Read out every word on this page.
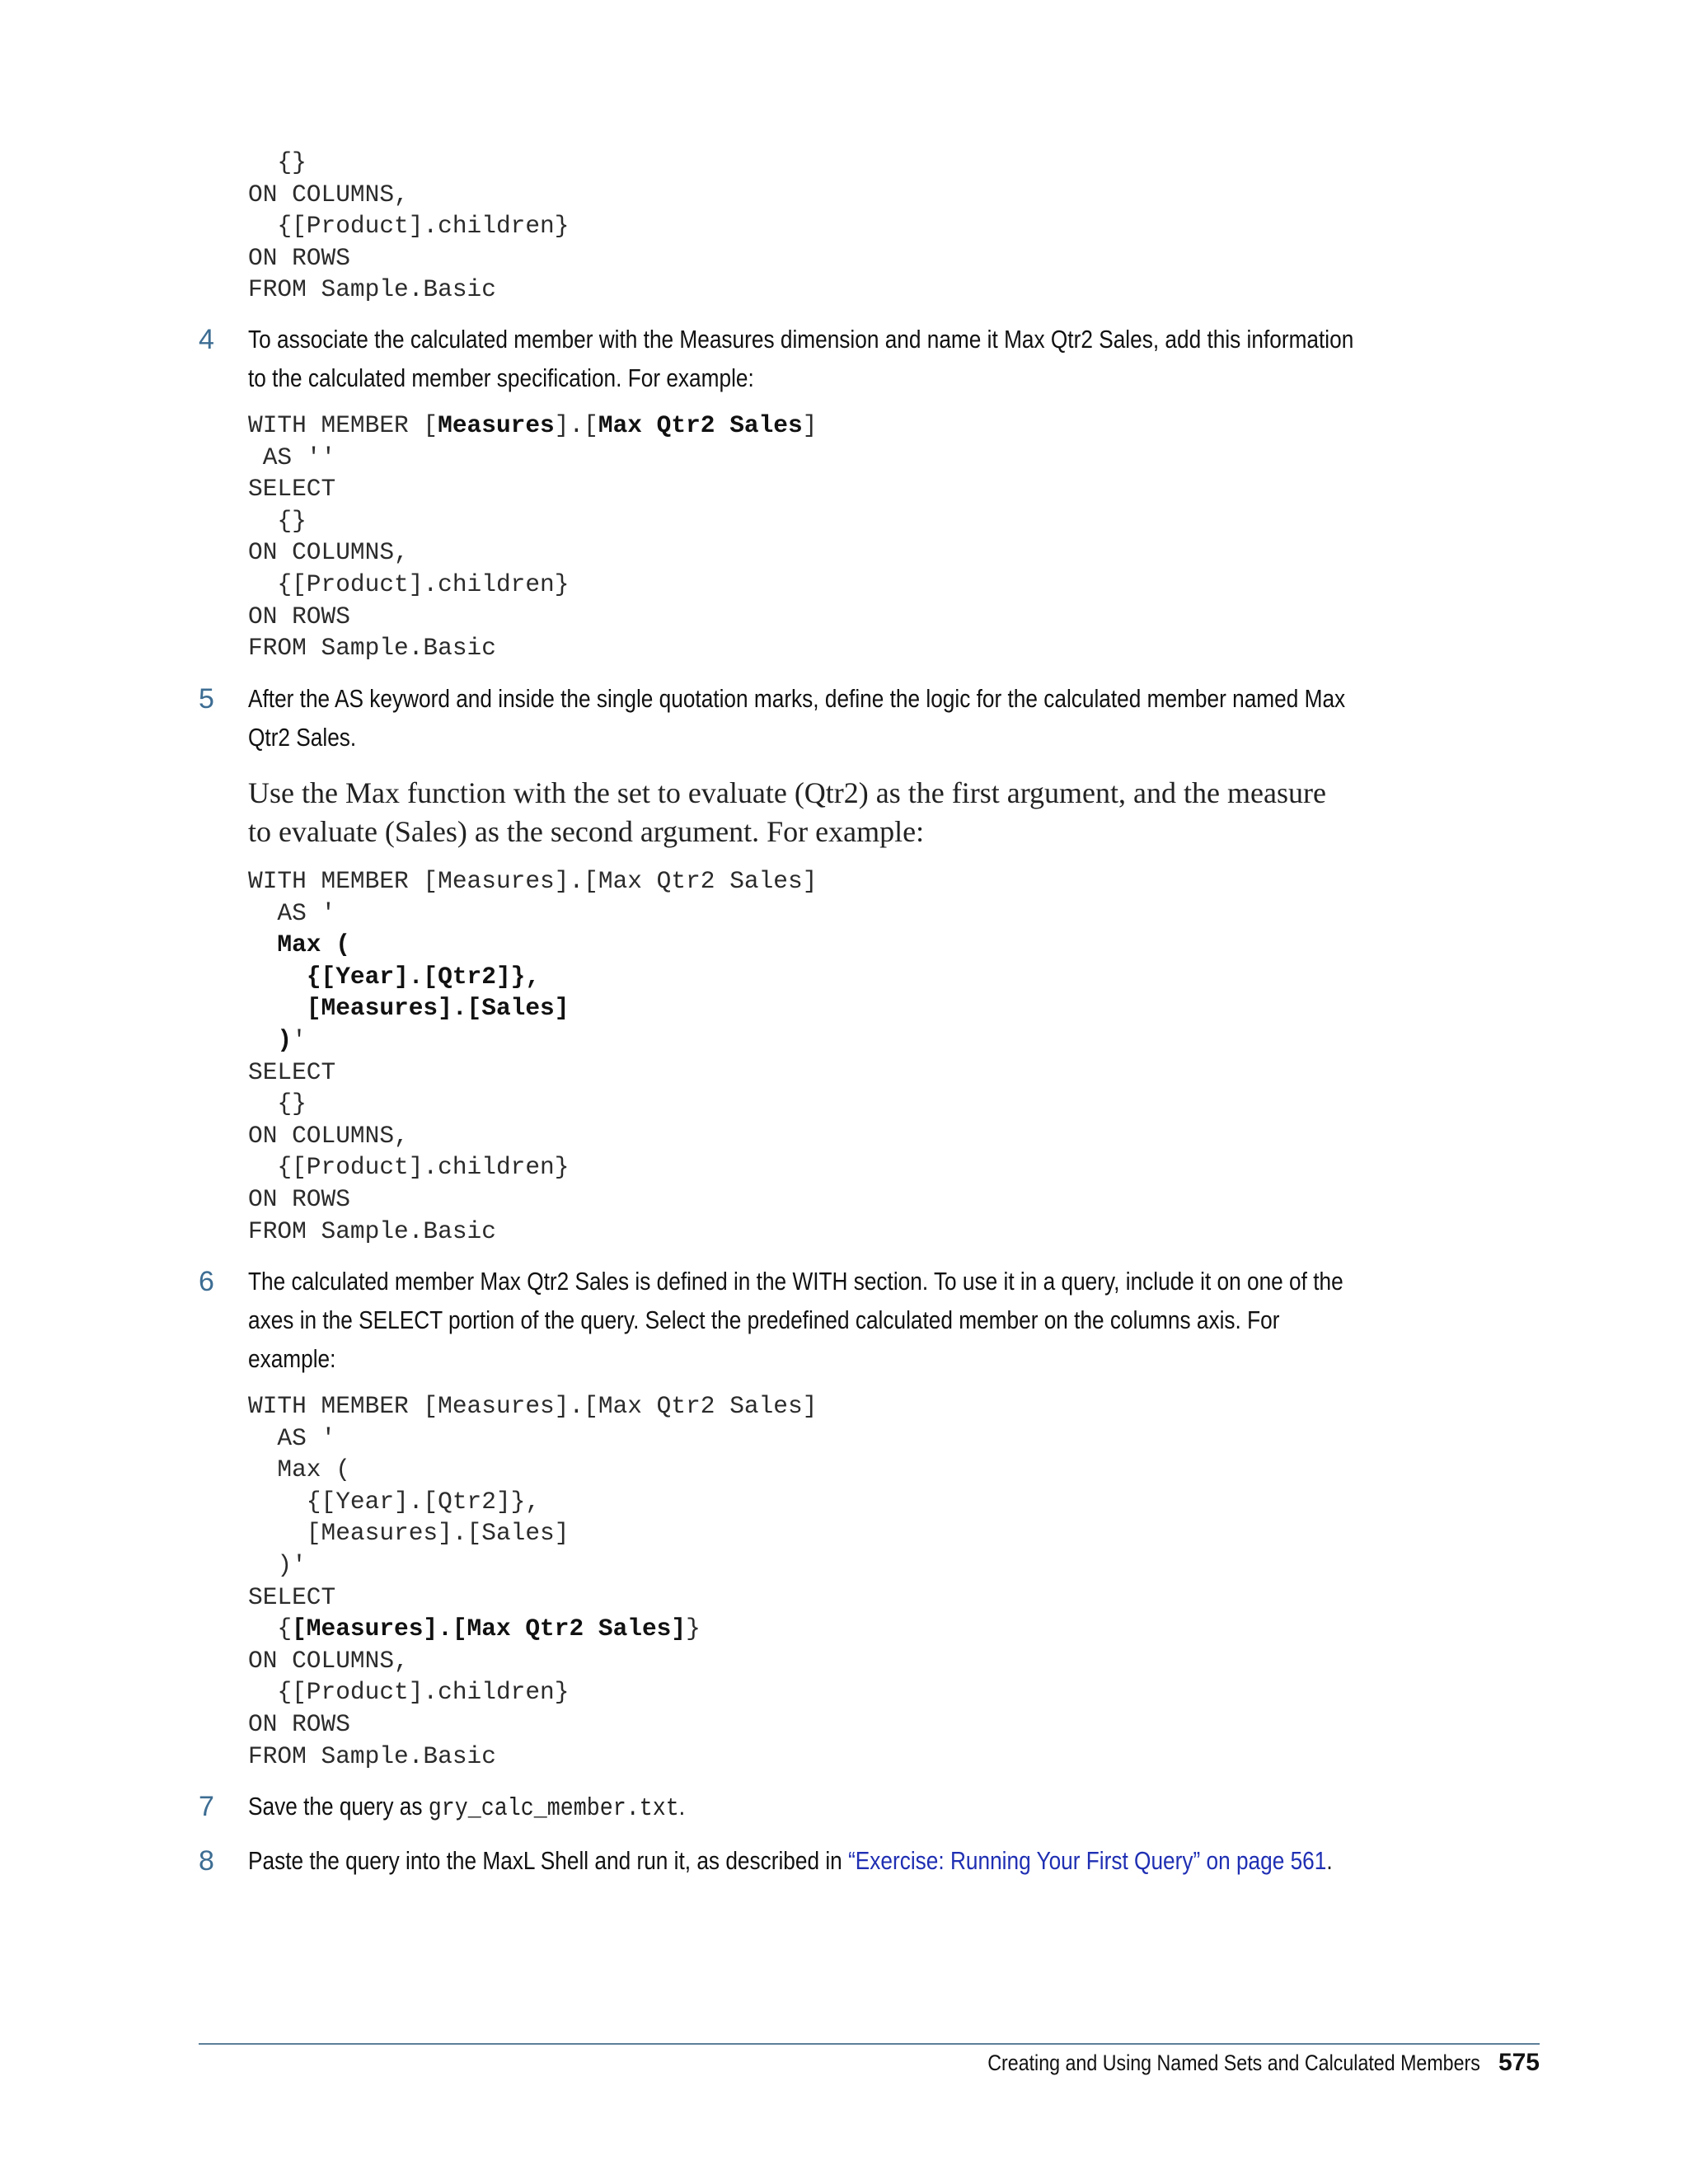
{}
ON COLUMNS,
{[Product].children}
ON ROWS
FROM Sample.Basic
4 To associate the calculated member with the Measures dimension and name it Max Qtr2 Sales, add this information to the calculated member specification. For example:
WITH MEMBER [Measures].[Max Qtr2 Sales]
AS ''
SELECT
{}
ON COLUMNS,
{[Product].children}
ON ROWS
FROM Sample.Basic
5 After the AS keyword and inside the single quotation marks, define the logic for the calculated member named Max Qtr2 Sales.
Use the Max function with the set to evaluate (Qtr2) as the first argument, and the measure to evaluate (Sales) as the second argument. For example:
WITH MEMBER [Measures].[Max Qtr2 Sales]
AS '
Max (
{[Year].[Qtr2]},
[Measures].[Sales]
)'
SELECT
{}
ON COLUMNS,
{[Product].children}
ON ROWS
FROM Sample.Basic
6 The calculated member Max Qtr2 Sales is defined in the WITH section. To use it in a query, include it on one of the axes in the SELECT portion of the query. Select the predefined calculated member on the columns axis. For example:
WITH MEMBER [Measures].[Max Qtr2 Sales]
AS '
Max (
{[Year].[Qtr2]},
[Measures].[Sales]
)'
SELECT
{[Measures].[Max Qtr2 Sales]}
ON COLUMNS,
{[Product].children}
ON ROWS
FROM Sample.Basic
7 Save the query as gry_calc_member.txt.
8 Paste the query into the MaxL Shell and run it, as described in “Exercise: Running Your First Query” on page 561.
Creating and Using Named Sets and Calculated Members 575
